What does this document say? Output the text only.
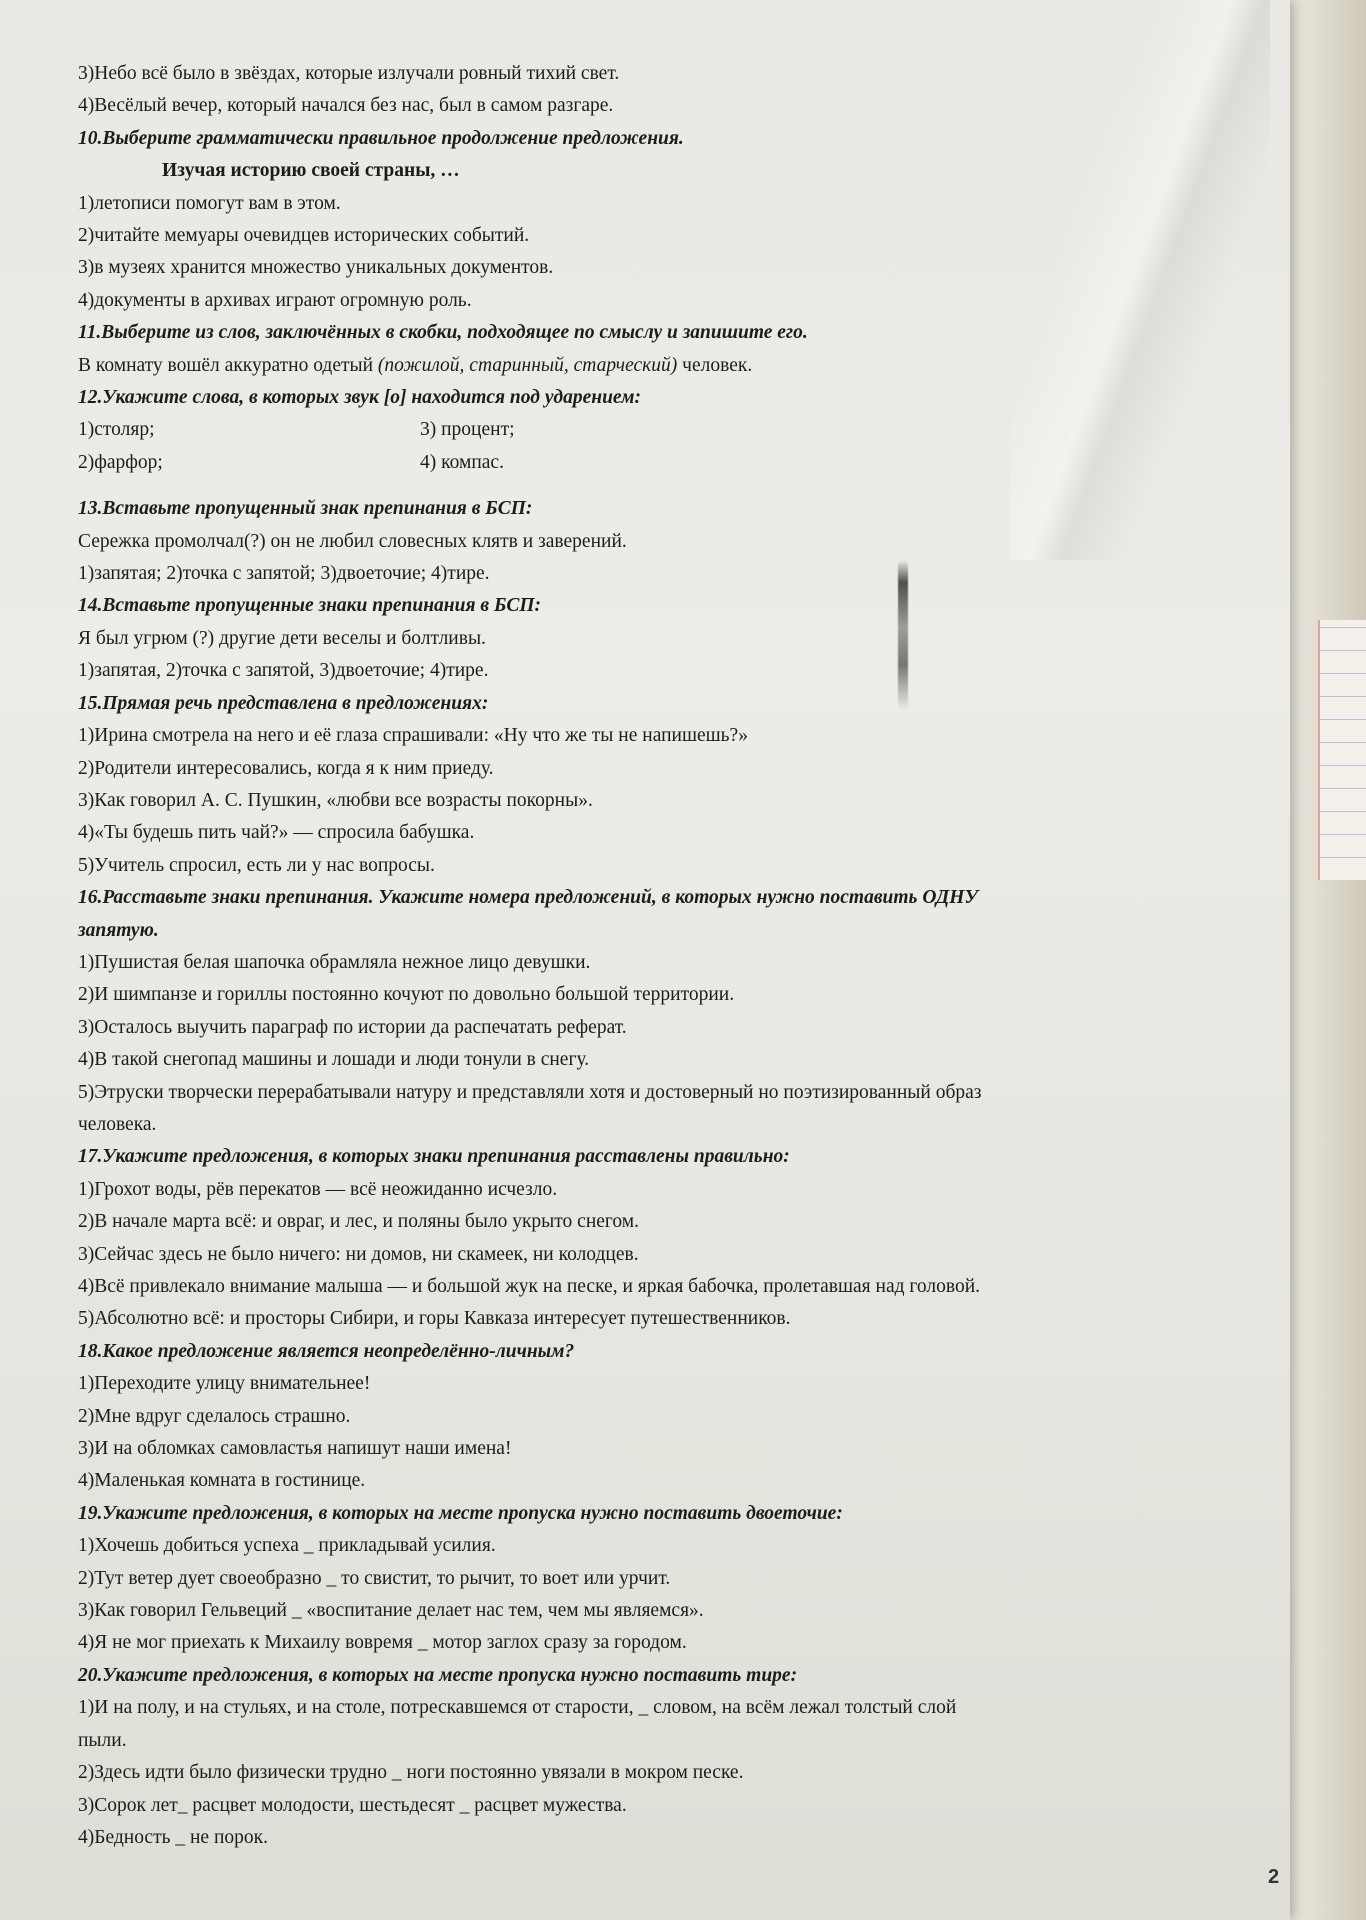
3)Небо всё было в звёздах, которые излучали ровный тихий свет.
4)Весёлый вечер, который начался без нас, был в самом разгаре.
10.Выберите грамматически правильное продолжение предложения.
Изучая историю своей страны, …
1)летописи помогут вам в этом.
2)читайте мемуары очевидцев исторических событий.
3)в музеях хранится множество уникальных документов.
4)документы в архивах играют огромную роль.
11.Выберите из слов, заключённых в скобки, подходящее по смыслу и запишите его.
В комнату вошёл аккуратно одетый (пожилой, старинный, старческий) человек.
12.Укажите слова, в которых звук [о] находится под ударением:
1)столяр;	3) процент;
2)фарфор;	4) компас.
13.Вставьте пропущенный знак препинания в БСП:
Сережка промолчал(?) он не любил словесных клятв и заверений.
1)запятая; 2)точка с запятой; 3)двоеточие; 4)тире.
14.Вставьте пропущенные знаки препинания в БСП:
Я был угрюм (?) другие дети веселы и болтливы.
1)запятая, 2)точка с запятой, 3)двоеточие; 4)тире.
15.Прямая речь представлена в предложениях:
1)Ирина смотрела на него и её глаза спрашивали: «Ну что же ты не напишешь?»
2)Родители интересовались, когда я к ним приеду.
3)Как говорил А. С. Пушкин, «любви все возрасты покорны».
4)«Ты будешь пить чай?» — спросила бабушка.
5)Учитель спросил, есть ли у нас вопросы.
16.Расставьте знаки препинания. Укажите номера предложений, в которых нужно поставить ОДНУ
запятую.
1)Пушистая белая шапочка обрамляла нежное лицо девушки.
2)И шимпанзе и гориллы постоянно кочуют по довольно большой территории.
3)Осталось выучить параграф по истории да распечатать реферат.
4)В такой снегопад машины и лошади и люди тонули в снегу.
5)Этруски творчески перерабатывали натуру и представляли хотя и достоверный но поэтизированный образ
человека.
17.Укажите предложения, в которых знаки препинания расставлены правильно:
1)Грохот воды, рёв перекатов — всё неожиданно исчезло.
2)В начале марта всё: и овраг, и лес, и поляны было укрыто снегом.
3)Сейчас здесь не было ничего: ни домов, ни скамеек, ни колодцев.
4)Всё привлекало внимание малыша — и большой жук на песке, и яркая бабочка, пролетавшая над головой.
5)Абсолютно всё: и просторы Сибири, и горы Кавказа интересует путешественников.
18.Какое предложение является неопределённо-личным?
1)Переходите улицу внимательнее!
2)Мне вдруг сделалось страшно.
3)И на обломках самовластья напишут наши имена!
4)Маленькая комната в гостинице.
19.Укажите предложения, в которых на месте пропуска нужно поставить двоеточие:
1)Хочешь добиться успеха _ прикладывай усилия.
2)Тут ветер дует своеобразно _ то свистит, то рычит, то воет или урчит.
3)Как говорил Гельвеций _ «воспитание делает нас тем, чем мы являемся».
4)Я не мог приехать к Михаилу вовремя _ мотор заглох сразу за городом.
20.Укажите предложения, в которых на месте пропуска нужно поставить тире:
1)И на полу, и на стульях, и на столе, потрескавшемся от старости, _ словом, на всём лежал толстый слой
пыли.
2)Здесь идти было физически трудно _ ноги постоянно увязали в мокром песке.
3)Сорок лет_ расцвет молодости, шестьдесят _ расцвет мужества.
4)Бедность _ не порок.
2
